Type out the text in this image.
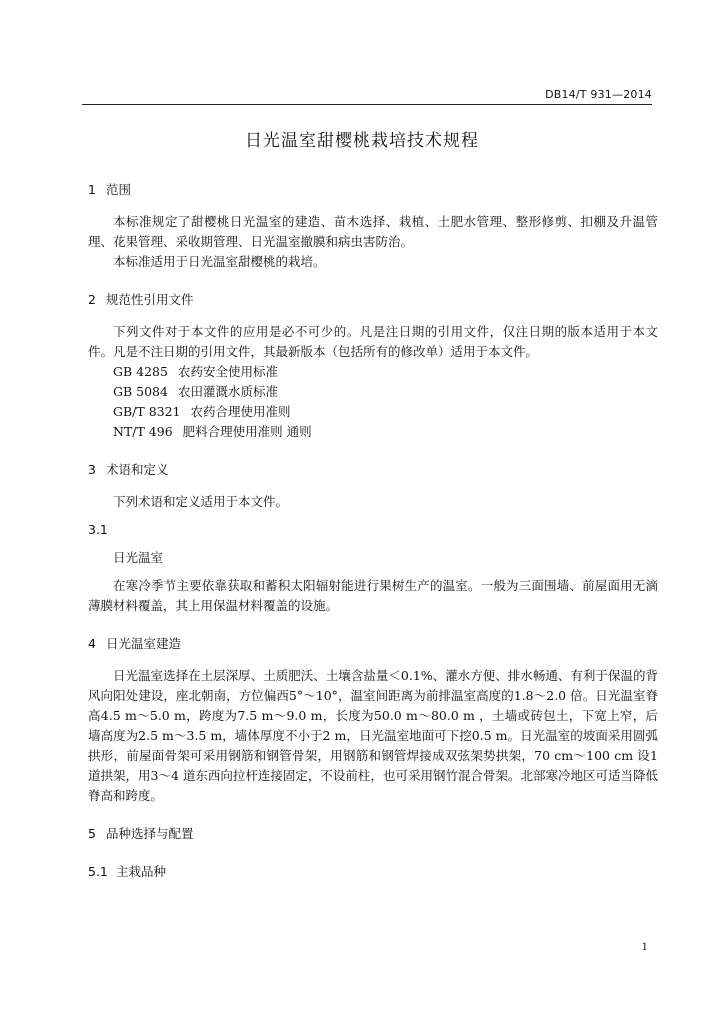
DB14/T 931—2014
日光温室甜樱桃栽培技术规程

1 范围

本标准规定了甜樱桃日光温室的建造、苗木选择、栽植、土肥水管理、整形修剪、扣棚及升温管理、花果管理、采收期管理、日光温室撤膜和病虫害防治。

本标准适用于日光温室甜樱桃的栽培。

2 规范性引用文件

下列文件对于本文件的应用是必不可少的。凡是注日期的引用文件，仅注日期的版本适用于本文件。凡是不注日期的引用文件，其最新版本（包括所有的修改单）适用于本文件。

GB 4285 农药安全使用标准
GB 5084 农田灌溉水质标准
GB/T 8321 农药合理使用准则
NT/T 496 肥料合理使用准则 通则

3 术语和定义

下列术语和定义适用于本文件。

3.1

日光温室

在寒冷季节主要依靠获取和蓄积太阳辐射能进行果树生产的温室。一般为三面围墙、前屋面用无滴薄膜材料覆盖，其上用保温材料覆盖的设施。

4 日光温室建造

日光温室选择在土层深厚、土质肥沃、土壤含盐量＜0.1%、灌水方便、排水畅通、有利于保温的背风向阳处建设，座北朝南，方位偏西5°～10°，温室间距离为前排温室高度的1.8～2.0 倍。日光温室脊高4.5 m～5.0 m，跨度为7.5 m～9.0 m，长度为50.0 m～80.0 m ，土墙或砖包土，下宽上窄，后墙高度为2.5 m～3.5 m，墙体厚度不小于2 m，日光温室地面可下挖0.5 m。日光温室的坡面采用圆弧拱形，前屋面骨架可采用钢筋和钢管骨架，用钢筋和钢管焊接成双弦架势拱架，70 cm～100 cm 设1 道拱架，用3～4 道东西向拉杆连接固定，不设前柱，也可采用钢竹混合骨架。北部寒冷地区可适当降低脊高和跨度。

5 品种选择与配置

5.1 主栽品种

1
